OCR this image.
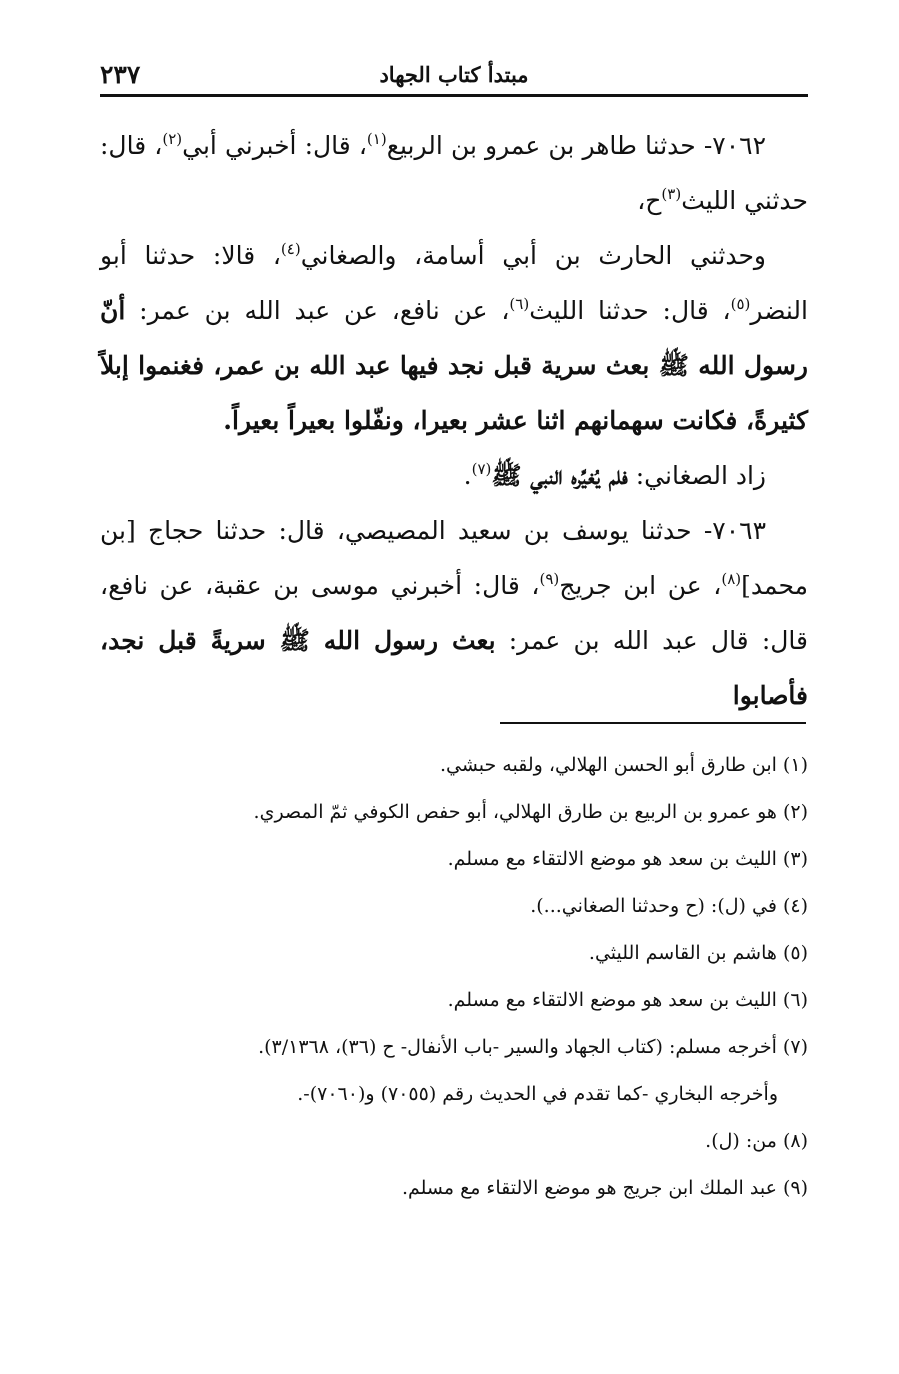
٢٣٧	مبتدأ كتاب الجهاد

٧٠٦٢- حدثنا طاهر بن عمرو بن الربيع$^{(١)}$، قال: أخبرني أبي$^{(٢)}$، قال: حدثني الليث$^{(٣)}$ح،

وحدثني الحارث بن أبي أسامة، والصغاني$^{(٤)}$، قالا: حدثنا أبو النضر$^{(٥)}$، قال: حدثنا الليث$^{(٦)}$، عن نافع، عن عبد الله بن عمر: أنّ رسول الله ﷺ بعث سرية قبل نجد فيها عبد الله بن عمر، فغنموا إبلاً كثيرةً، فكانت سهمانهم اثنا عشر بعيرا، ونفّلوا بعيراً بعيراً.

زاد الصغاني: فلم يُغيِّره النبي ﷺ$^{(٧)}$.

٧٠٦٣- حدثنا يوسف بن سعيد المصيصي، قال: حدثنا حجاج [بن محمد]$^{(٨)}$، عن ابن جريج$^{(٩)}$، قال: أخبرني موسى بن عقبة، عن نافع، قال: قال عبد الله بن عمر: بعث رسول الله ﷺ سريةً قبل نجد، فأصابوا

(١) ابن طارق أبو الحسن الهلالي، ولقبه حبشي.

(٢) هو عمرو بن الربيع بن طارق الهلالي، أبو حفص الكوفي ثمّ المصري.

(٣) الليث بن سعد هو موضع الالتقاء مع مسلم.

(٤) في (ل): (ح وحدثنا الصغاني...).

(٥) هاشم بن القاسم الليثي.

(٦) الليث بن سعد هو موضع الالتقاء مع مسلم.

(٧) أخرجه مسلم: (كتاب الجهاد والسير -باب الأنفال- ح (٣٦)، ٣/١٣٦٨).

وأخرجه البخاري -كما تقدم في الحديث رقم (٧٠٥٥) و(٧٠٦٠)-.

(٨) من: (ل).

(٩) عبد الملك ابن جريج هو موضع الالتقاء مع مسلم.
